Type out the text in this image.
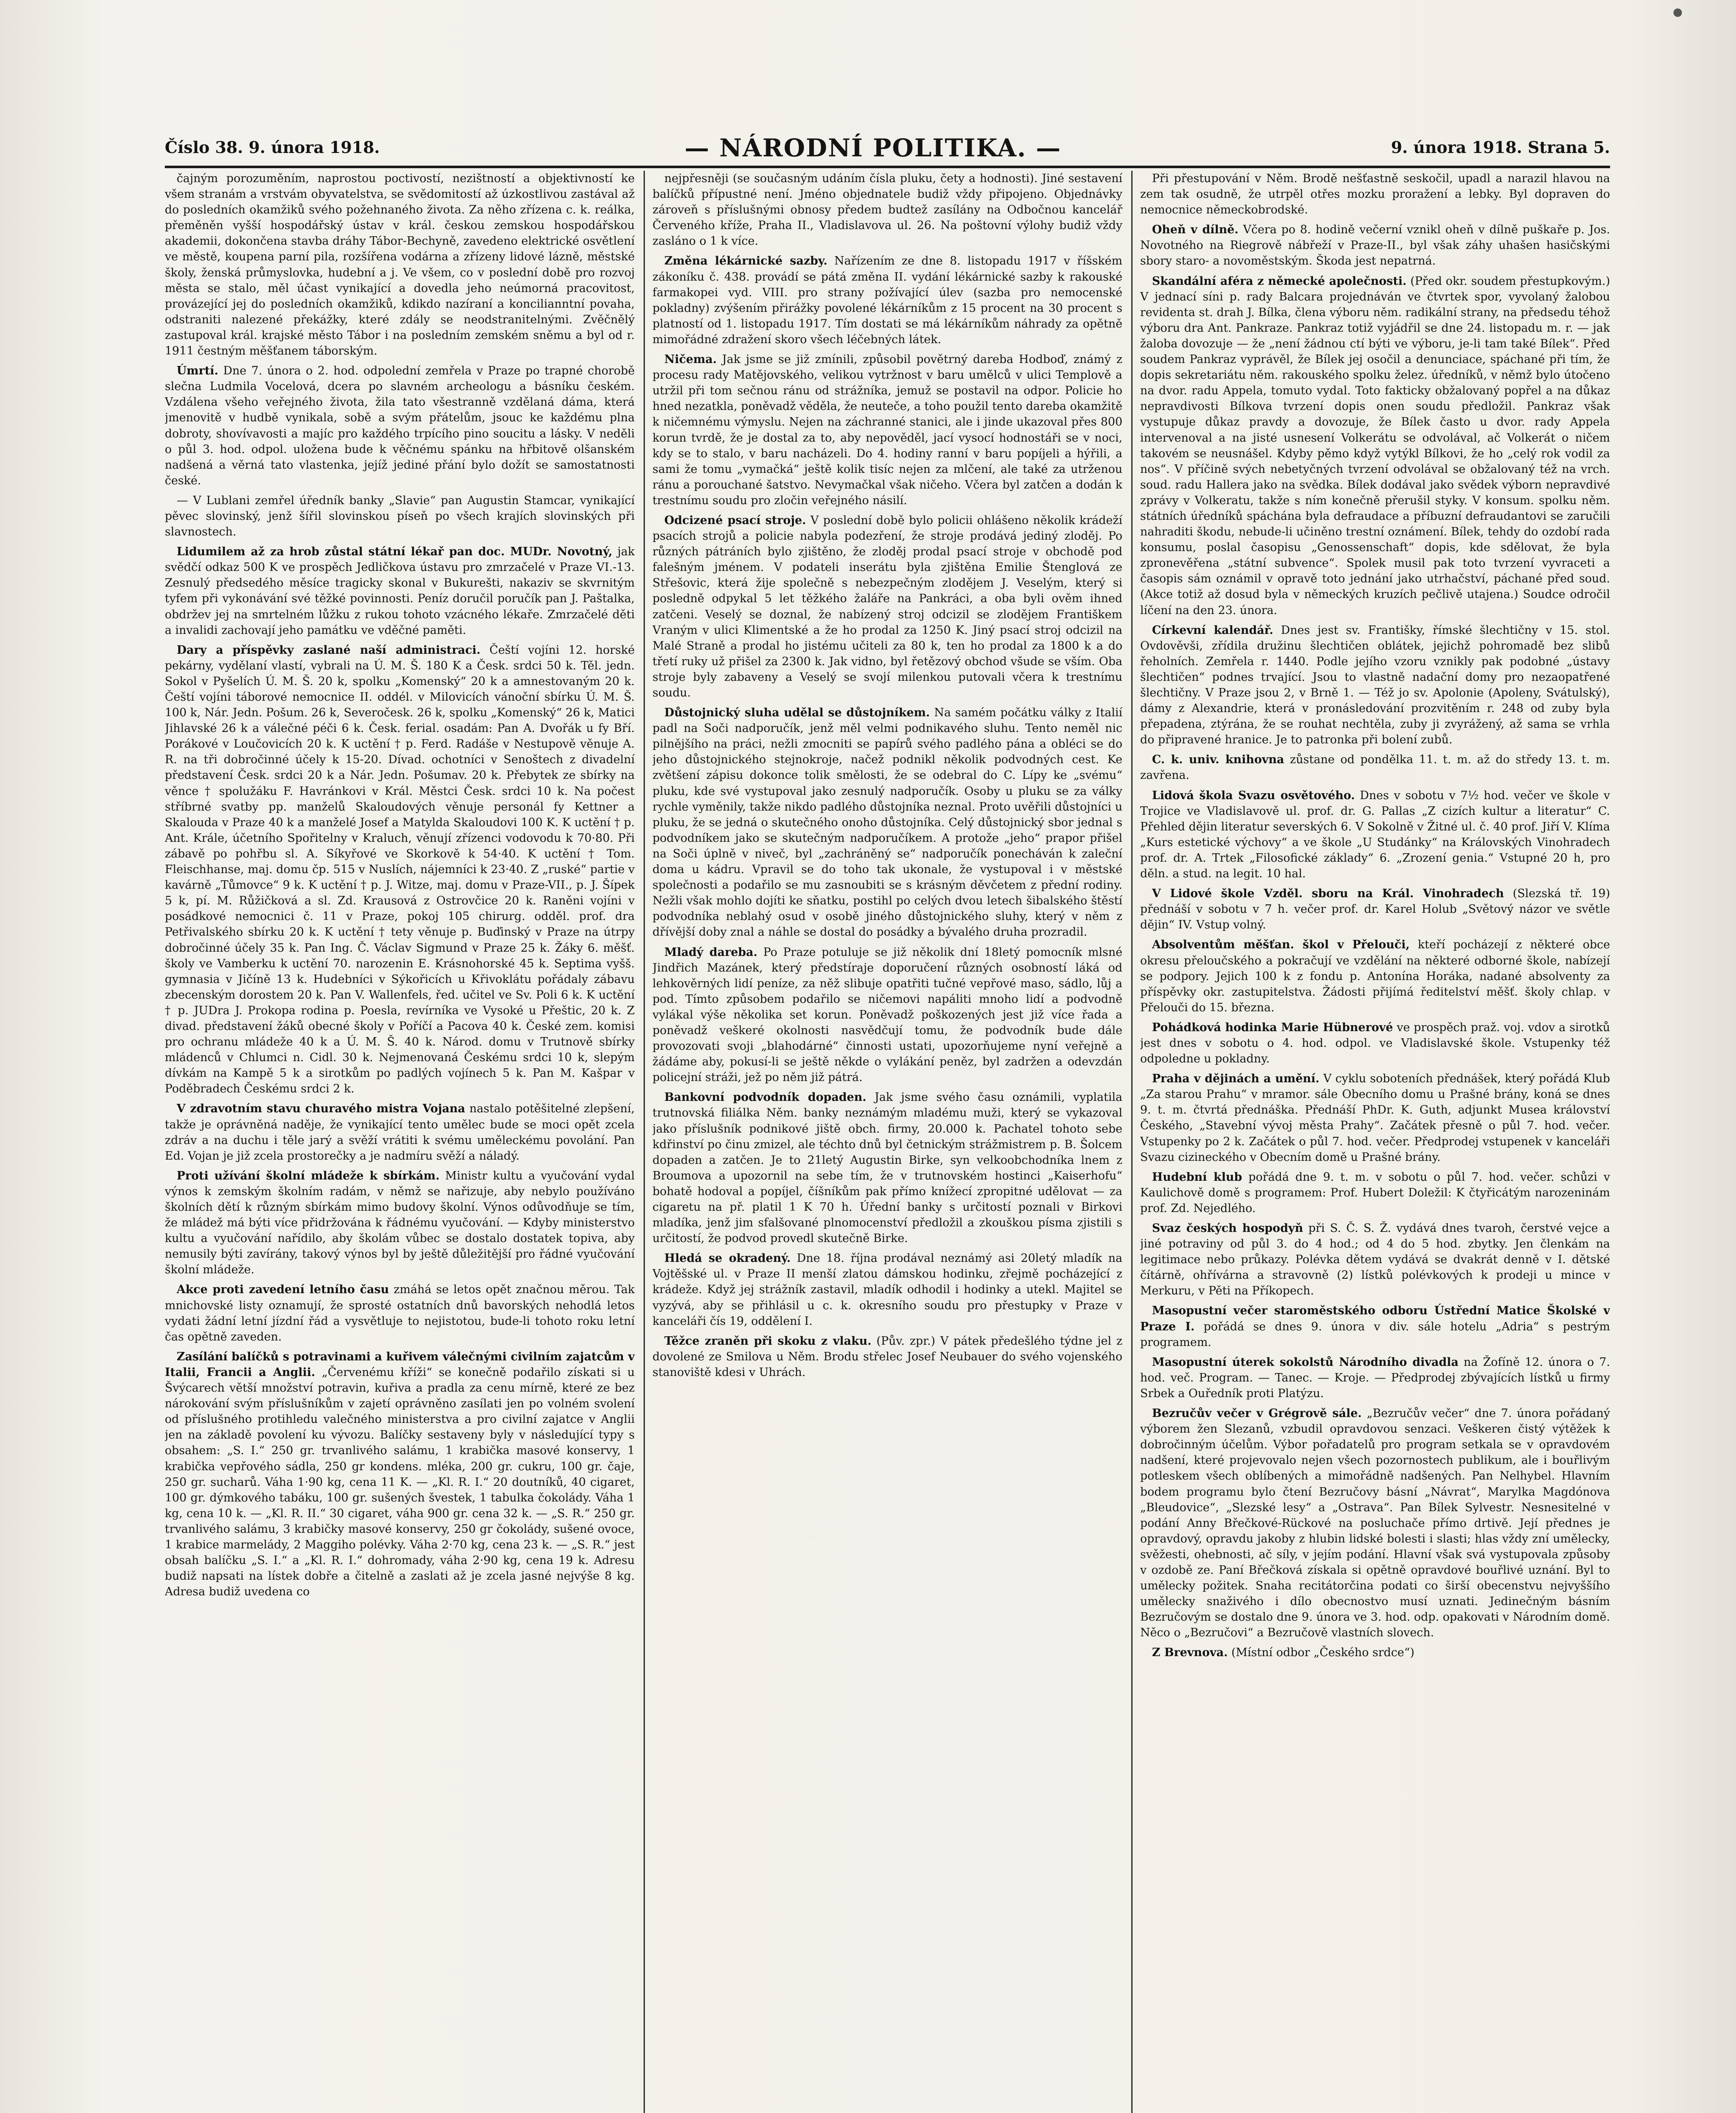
Číslo 38. 9. února 1918.	— NÁRODNÍ POLITIKA. —	9. února 1918. Strana 5.

čajným porozuměním, naprostou poctivostí, nezištností a objektivností ke všem stranám a vrstvám obyvatelstva, se svědomitostí až úzkostlivou zastával až do posledních okamžiků svého požehnaného života. Za něho zřízena c. k. reálka, přeměněn vyšší hospodářský ústav v král. českou zemskou hospodářskou akademii, dokončena stavba dráhy Tábor-Bechyně, zavedeno elektrické osvětlení ve městě, koupena parní pila, rozšířena vodárna a zřízeny lidové lázně, městské školy, ženská průmyslovka, hudební a j. Ve všem, co v poslední době pro rozvoj města se stalo, měl účast vynikající a dovedla jeho neúmorná pracovitost, provázející jej do posledních okamžiků, kdikdo nazíraní a koncilianntní povaha, odstraniti nalezené překážky, které zdály se neodstranitelnými. Zvěčnělý zastupoval král. krajské město Tábor i na posledním zemském sněmu a byl od r. 1911 čestným měšťanem táborským.

Úmrtí. Dne 7. února o 2. hod. odpolední zemřela v Praze po trapné chorobě slečna Ludmila Vocelová, dcera po slavném archeologu a básníku českém. Vzdálena všeho veřejného života, žila tato všestranně vzdělaná dáma, která jmenovitě v hudbě vynikala, sobě a svým přátelům, jsouc ke každému plna dobroty, shovívavosti a majíc pro každého trpícího pino soucitu a lásky. V neděli o půl 3. hod. odpol. uložena bude k věčnému spánku na hřbitově olšanském nadšená a věrná tato vlastenka, jejíž jediné přání bylo dožít se samostatnosti české.

— V Lublani zemřel úředník banky „Slavie“ pan Augustin Stamcar, vynikající pěvec slovinský, jenž šířil slovinskou píseň po všech krajích slovinských při slavnostech.

Lidumilem až za hrob zůstal státní lékař pan doc. MUDr. Novotný, jak svědčí odkaz 500 K ve prospěch Jedličkova ústavu pro zmrzačelé v Praze VI.-13. Zesnulý předsedého měsíce tragicky skonal v Bukurešti, nakaziv se skvrnitým tyfem při vykonávání své těžké povinnosti. Peníz doručil poručík pan J. Paštalka, obdržev jej na smrtelném lůžku z rukou tohoto vzácného lékaře. Zmrzačelé děti a invalidi zachovají jeho památku ve vděčné paměti.

Dary a příspěvky zaslané naší administraci. Čeští vojíni 12. horské pekárny, vydělaní vlastí, vybrali na Ú. M. Š. 180 K a Česk. srdci 50 k. Těl. jedn. Sokol v Pyšelích Ú. M. Š. 20 k, spolku „Komenský“ 20 k a amnestovaným 20 k. Čeští vojíni táborové nemocnice II. oddél. v Milovicích vánoční sbírku Ú. M. Š. 100 k, Nár. Jedn. Pošum. 26 k, Severočesk. 26 k, spolku „Komenský“ 26 k, Matici Jihlavské 26 k a válečné péči 6 k. Česk. ferial. osadám: Pan A. Dvořák u fy Bří. Porákové v Loučovicích 20 k. K uctění † p. Ferd. Radáše v Nestupově věnuje A. R. na tři dobročinné účely k 15-20. Dívad. ochotníci v Senoštech z divadelní představení Česk. srdci 20 k a Nár. Jedn. Pošumav. 20 k. Přebytek ze sbírky na věnce † spolužáku F. Havránkovi v Král. Městci Česk. srdci 10 k. Na počest stříbrné svatby pp. manželů Skaloudových věnuje personál fy Kettner a Skalouda v Praze 40 k a manželé Josef a Matylda Skaloudovi 100 K. K uctění † p. Ant. Krále, účetního Spořitelny v Kraluch, věnují zřízenci vodovodu k 70·80. Při zábavě po pohřbu sl. A. Síkyřové ve Skorkově k 54·40. K uctění † Tom. Fleischhanse, maj. domu čp. 515 v Nuslích, nájemníci k 23·40. Z „ruské“ partie v kavárně „Tůmovce“ 9 k. K uctění † p. J. Witze, maj. domu v Praze-VII., p. J. Šípek 5 k, pí. M. Růžičková a sl. Zd. Krausová z Ostrovčice 20 k. Raněni vojíni v posádkové nemocnici č. 11 v Praze, pokoj 105 chirurg. odděl. prof. dra Petřivalského sbírku 20 k. K uctění † tety věnuje p. Buďinský v Praze na útrpy dobročinné účely 35 k. Pan Ing. Č. Václav Sigmund v Praze 25 k. Žáky 6. měšť. školy ve Vamberku k uctění 70. narozenin E. Krásnohorské 45 k. Septima vyšš. gymnasia v Jičíně 13 k. Hudebníci v Sýkořicích u Křivoklátu pořádaly zábavu zbecenským dorostem 20 k. Pan V. Wallenfels, řed. učitel ve Sv. Poli 6 k. K uctění † p. JUDra J. Prokopa rodina p. Poesla, revírníka ve Vysoké u Přeštic, 20 k. Z divad. představení žáků obecné školy v Poříčí a Pacova 40 k. České zem. komisi pro ochranu mládeže 40 k a Ú. M. Š. 40 k. Národ. domu v Trutnově sbírky mládenců v Chlumci n. Cidl. 30 k. Nejmenovaná Českému srdci 10 k, slepým dívkám na Kampě 5 k a sirotkům po padlých vojínech 5 k. Pan M. Kašpar v Poděbradech Českému srdci 2 k.

V zdravotním stavu churavého mistra Vojana nastalo potěšitelné zlepšení, takže je oprávněná naděje, že vynikající tento umělec bude se moci opět zcela zdráv a na duchu i těle jarý a svěží vrátiti k svému uměleckému povolání. Pan Ed. Vojan je již zcela prostorečky a je nadmíru svěží a náladý.

Proti užívání školní mládeže k sbírkám. Ministr kultu a vyučování vydal výnos k zemským školním radám, v němž se nařizuje, aby nebylo používáno školních dětí k různým sbírkám mimo budovy školní. Výnos odůvodňuje se tím, že mládež má býti více přidržována k řádnému vyučování. — Kdyby ministerstvo kultu a vyučování nařídilo, aby školám vůbec se dostalo dostatek topiva, aby nemusily býti zavírány, takový výnos byl by ještě důležitější pro řádné vyučování školní mládeže.

Akce proti zavedení letního času zmáhá se letos opět značnou měrou. Tak mnichovské listy oznamují, že sprosté ostatních dnů bavorských nehodlá letos vydati žádní letní jízdní řád a vysvětluje to nejistotou, bude-li tohoto roku letní čas opětně zaveden.

Zasílání balíčků s potravinami a kuřivem válečnými civilním zajatcům v Italii, Francii a Anglii. „Červenému kříži“ se konečně podařilo získati si u Švýcarech větší množství potravin, kuřiva a pradla za cenu mírně, které ze bez nárokování svým příslušníkům v zajetí oprávněno zasílati jen po volném svolení od příslušného protihledu valečného ministerstva a pro civilní zajatce v Anglii jen na základě povolení ku vývozu. Balíčky sestaveny byly v následující typy s obsahem: „S. I.“ 250 gr. trvanlivého salámu, 1 krabička masové konservy, 1 krabička vepřového sádla, 250 gr kondens. mléka, 200 gr. cukru, 100 gr. čaje, 250 gr. sucharů. Váha 1·90 kg, cena 11 K. — „Kl. R. I.“ 20 doutníků, 40 cigaret, 100 gr. dýmkového tabáku, 100 gr. sušených švestek, 1 tabulka čokolády. Váha 1 kg, cena 10 k. — „Kl. R. II.“ 30 cigaret, váha 900 gr. cena 32 k. — „S. R.“ 250 gr. trvanlivého salámu, 3 krabičky masové konservy, 250 gr čokolády, sušené ovoce, 1 krabice marmelády, 2 Maggiho polévky. Váha 2·70 kg, cena 23 k. — „S. R.“ jest obsah balíčku „S. I.“ a „Kl. R. I.“ dohromady, váha 2·90 kg, cena 19 k. Adresu budiž napsati na lístek dobře a čitelně a zaslati až je zcela jasné nejvýše 8 kg. Adresa budiž uvedena co

nejpřesněji (se současným udáním čísla pluku, čety a hodnosti). Jiné sestavení balíčků přípustné není. Jméno objednatele budiž vždy připojeno. Objednávky zároveň s příslušnými obnosy předem budtež zasílány na Odbočnou kancelář Červeného kříže, Praha II., Vladislavova ul. 26. Na poštovní výlohy budiž vždy zasláno o 1 k více.

Změna lékárnické sazby. Nařízením ze dne 8. listopadu 1917 v říšském zákoníku č. 438. provádí se pátá změna II. vydání lékárnické sazby k rakouské farmakopei vyd. VIII. pro strany požívající úlev (sazba pro nemocenské pokladny) zvýšením přirážky povolené lékárníkům z 15 procent na 30 procent s platností od 1. listopadu 1917. Tím dostati se má lékárníkům náhrady za opětně mimořádné zdražení skoro všech léčebných látek.

Ničema. Jak jsme se již zmínili, způsobil povětrný dareba Hodboď, známý z procesu rady Matějovského, velikou vytržnost v baru umělců v ulici Templově a utržil při tom sečnou ránu od strážníka, jemuž se postavil na odpor. Policie ho hned nezatkla, poněvadž věděla, že neuteče, a toho použil tento dareba okamžitě k ničemnému výmyslu. Nejen na záchranné stanici, ale i jinde ukazoval přes 800 korun tvrdě, že je dostal za to, aby nepověděl, jací vysocí hodnostáři se v noci, kdy se to stalo, v baru nacházeli. Do 4. hodiny ranní v baru popíjeli a hýřili, a sami že tomu „vymačká“ ještě kolik tisíc nejen za mlčení, ale také za utrženou ránu a porouchané šatstvo. Nevymačkal však ničeho. Včera byl zatčen a dodán k trestnímu soudu pro zločin veřejného násilí.

Odcizené psací stroje. V poslední době bylo policii ohlášeno několik krádeží psacích strojů a policie nabyla podezření, že stroje prodává jediný zloděj. Po různých pátráních bylo zjištěno, že zloděj prodal psací stroje v obchodě pod falešným jménem. V podateli inserátu byla zjištěna Emilie Štenglová ze Střešovic, která žije společně s nebezpečným zlodějem J. Veselým, který si posledně odpykal 5 let těžkého žaláře na Pankráci, a oba byli ověm ihned zatčeni. Veselý se doznal, že nabízený stroj odcizil se zlodějem Františkem Vraným v ulici Klimentské a že ho prodal za 1250 K. Jiný psací stroj odcizil na Malé Straně a prodal ho jistému učiteli za 80 k, ten ho prodal za 1800 k a do třetí ruky už přišel za 2300 k. Jak vidno, byl řetězový obchod všude se vším. Oba stroje byly zabaveny a Veselý se svojí milenkou putovali včera k trestnímu soudu.

Důstojnický sluha udělal se důstojníkem. Na samém počátku války z Italií padl na Soči nadporučík, jenž měl velmi podnikavého sluhu. Tento neměl nic pilnějšího na práci, nežli zmocniti se papírů svého padlého pána a obléci se do jeho důstojnického stejnokroje, načež podnikl několik podvodných cest. Ke zvětšení zápisu dokonce tolik smělosti, že se odebral do C. Lípy ke „svému“ pluku, kde své vystupoval jako zesnulý nadporučík. Osoby u pluku se za války rychle vyměnily, takže nikdo padlého důstojníka neznal. Proto uvěřili důstojníci u pluku, že se jedná o skutečného onoho důstojníka. Celý důstojnický sbor jednal s podvodníkem jako se skutečným nadporučíkem. A protože „jeho“ prapor přišel na Soči úplně v niveč, byl „zachráněný se“ nadporučík ponecháván k zaleční doma u kádru. Vpravil se do toho tak ukonale, že vystupoval i v městské společnosti a podařilo se mu zasnoubiti se s krásným děvčetem z přední rodiny. Nežli však mohlo dojíti ke sňatku, postihl po celých dvou letech šibalského štěstí podvodníka neblahý osud v osobě jiného důstojnického sluhy, který v něm z dřívější doby znal a náhle se dostal do posádky a bývalého druha prozradil.

Mladý dareba. Po Praze potuluje se již několik dní 18letý pomocník mlsné Jindřich Mazánek, který předstíraje doporučení různých osobností láká od lehkověrných lidí peníze, za něž slibuje opatřiti tučné vepřové maso, sádlo, lůj a pod. Tímto způsobem podařilo se ničemovi napáliti mnoho lidí a podvodně vylákal výše několika set korun. Poněvadž poškozených jest již více řada a poněvadž veškeré okolnosti nasvědčují tomu, že podvodník bude dále provozovati svoji „blahodárné“ činnosti ustati, upozorňujeme nyní veřejně a žádáme aby, pokusí-li se ještě někde o vylákání peněz, byl zadržen a odevzdán policejní stráži, jež po něm již pátrá.

Bankovní podvodník dopaden. Jak jsme svého času oznámili, vyplatila trutnovská filiálka Něm. banky neznámým mladému muži, který se vykazoval jako příslušník podnikové jiště obch. firmy, 20.000 k. Pachatel tohoto sebe kdřinství po činu zmizel, ale téchto dnů byl četnickým strážmistrem p. B. Šolcem dopaden a zatčen. Je to 21letý Augustin Birke, syn velkoobchodníka lnem z Broumova a upozornil na sebe tím, že v trutnovském hostinci „Kaiserhofu“ bohatě hodoval a popíjel, číšníkům pak přímo knížecí zpropitné udělovat — za cigaretu na př. platil 1 K 70 h. Úřední banky s určitostí poznali v Birkovi mladíka, jenž jim sfalšované plnomocenství předložil a zkouškou písma zjistili s určitostí, že podvod provedl skutečně Birke.

Hledá se okradený. Dne 18. října prodával neznámý asi 20letý mladík na Vojtěšské ul. v Praze II menší zlatou dámskou hodinku, zřejmě pocházející z krádeže. Když jej strážník zastavil, mladík odhodil i hodinky a utekl. Majitel se vyzývá, aby se přihlásil u c. k. okresního soudu pro přestupky v Praze v kanceláři čís 19, oddělení I.

Těžce zraněn při skoku z vlaku. (Pův. zpr.) V pátek předešlého týdne jel z dovolené ze Smilova u Něm. Brodu střelec Josef Neubauer do svého vojenského stanoviště kdesi v Uhrách.

Při přestupování v Něm. Brodě nešťastně seskočil, upadl a narazil hlavou na zem tak osudně, že utrpěl otřes mozku proražení a lebky. Byl dopraven do nemocnice německobrodské.

Oheň v dílně. Včera po 8. hodině večerní vznikl oheň v dílně puškaře p. Jos. Novotného na Riegrově nábřeží v Praze-II., byl však záhy uhašen hasičskými sbory staro- a novoměstským. Škoda jest nepatrná.

Skandální aféra z německé apolečnosti. (Před okr. soudem přestupkovým.) V jednací síni p. rady Balcara projednáván ve čtvrtek spor, vyvolaný žalobou revidenta st. drah J. Bílka, člena výboru něm. radikální strany, na předsedu téhož výboru dra Ant. Pankraze. Pankraz totiž vyjádřil se dne 24. listopadu m. r. — jak žaloba dovozuje — že „není žádnou ctí býti ve výboru, je-li tam také Bílek“. Před soudem Pankraz vyprávěl, že Bílek jej osočil a denunciace, spáchané při tím, že dopis sekretariátu něm. rakouského spolku želez. úředníků, v němž bylo útočeno na dvor. radu Appela, tomuto vydal. Toto fakticky obžalovaný popřel a na důkaz nepravdivosti Bílkova tvrzení dopis onen soudu předložil. Pankraz však vystupuje důkaz pravdy a dovozuje, že Bílek často u dvor. rady Appela intervenoval a na jisté usnesení Volkerátu se odvolával, ač Volkerát o ničem takovém se neusnášel. Kdyby pěmo když vytýkl Bílkovi, že ho „celý rok vodil za nos“. V příčině svých nebetyčných tvrzení odvolával se obžalovaný též na vrch. soud. radu Hallera jako na svědka. Bílek dodával jako svědek výborn nepravdivé zprávy v Volkeratu, takže s ním konečně přerušil styky. V konsum. spolku něm. státních úředníků spáchána byla defraudace a příbuzní defraudantovi se zaručili nahraditi škodu, nebude-li učiněno trestní oznámení. Bílek, tehdy do ozdobí rada konsumu, poslal časopisu „Genossenschaft“ dopis, kde sdělovat, že byla zpronevěřena „státní subvence“. Spolek musil pak toto tvrzení vyvraceti a časopis sám oznámil v opravě toto jednání jako utrhačství, páchané před soud. (Akce totiž až dosud byla v německých kruzích pečlivě utajena.) Soudce odročil líčení na den 23. února.

Církevní kalendář. Dnes jest sv. Františky, římské šlechtičny v 15. stol. Ovdověvši, zřídila družinu šlechtičen oblátek, jejichž pohromadě bez slibů řeholních. Zemřela r. 1440. Podle jejího vzoru vznikly pak podobné „ústavy šlechtičen“ podnes trvající. Jsou to vlastně nadační domy pro nezaopatřené šlechtičny. V Praze jsou 2, v Brně 1. — Též jo sv. Apolonie (Apoleny, Svátulský), dámy z Alexandrie, která v pronásledování prozvitěním r. 248 od zuby byla přepadena, ztýrána, že se rouhat nechtěla, zuby ji zvyrážený, až sama se vrhla do připravené hranice. Je to patronka při bolení zubů.

C. k. univ. knihovna zůstane od pondělka 11. t. m. až do středy 13. t. m. zavřena.

Lidová škola Svazu osvětového. Dnes v sobotu v 7½ hod. večer ve škole v Trojice ve Vladislavově ul. prof. dr. G. Pallas „Z cizích kultur a literatur“ C. Přehled dějin literatur severských 6. V Sokolně v Žitné ul. č. 40 prof. Jiří V. Klíma „Kurs estetické výchovy“ a ve škole „U Studánky“ na Královských Vinohradech prof. dr. A. Trtek „Filosofické základy“ 6. „Zrození genia.“ Vstupné 20 h, pro děln. a stud. na legit. 10 hal.

V Lidové škole Vzděl. sboru na Král. Vinohradech (Slezská tř. 19) přednáší v sobotu v 7 h. večer prof. dr. Karel Holub „Světový názor ve světle dějin“ IV. Vstup volný.

Absolventům měšťan. škol v Přelouči, kteří pocházejí z některé obce okresu přeloučského a pokračují ve vzdělání na některé odborné škole, nabízejí se podpory. Jejich 100 k z fondu p. Antonína Horáka, nadané absolventy za příspěvky okr. zastupitelstva. Žádosti přijímá ředitelství měšť. školy chlap. v Přelouči do 15. března.

Pohádková hodinka Marie Hübnerové ve prospěch praž. voj. vdov a sirotků jest dnes v sobotu o 4. hod. odpol. ve Vladislavské škole. Vstupenky též odpoledne u pokladny.

Praha v dějinách a umění. V cyklu soboteních přednášek, který pořádá Klub „Za starou Prahu“ v mramor. sále Obecního domu u Prašné brány, koná se dnes 9. t. m. čtvrtá přednáška. Přednáší PhDr. K. Guth, adjunkt Musea království Českého, „Stavební vývoj města Prahy“. Začátek přesně o půl 7. hod. večer. Vstupenky po 2 k. Začátek o půl 7. hod. večer. Předprodej vstupenek v kanceláři Svazu cizineckého v Obecním domě u Prašné brány.

Hudební klub pořádá dne 9. t. m. v sobotu o půl 7. hod. večer. schůzi v Kaulichově domě s programem: Prof. Hubert Doležil: K čtyřicátým narozeninám prof. Zd. Nejedlého.

Svaz českých hospodyň při S. Č. S. Ž. vydává dnes tvaroh, čerstvé vejce a jiné potraviny od půl 3. do 4 hod.; od 4 do 5 hod. zbytky. Jen členkám na legitimace nebo průkazy. Polévka dětem vydává se dvakrát denně v I. dětské čítárně, ohřívárna a stravovně (2) lístků polévkových k prodeji u mince v Merkuru, v Pěti na Příkopech.

Masopustní večer staroměstského odboru Ústřední Matice Školské v Praze I. pořádá se dnes 9. února v div. sále hotelu „Adria“ s pestrým programem.

Masopustní úterek sokolstů Národního divadla na Žofíně 12. února o 7. hod. več. Program. — Tanec. — Kroje. — Předprodej zbývajících lístků u firmy Srbek a Ouředník proti Platýzu.

Bezručův večer v Grégrově sále. „Bezručův večer“ dne 7. února pořádaný výborem žen Slezanů, vzbudil opravdovou senzaci. Veškeren čistý výtěžek k dobročinným účelům. Výbor pořadatelů pro program setkala se v opravdovém nadšení, které projevovalo nejen všech pozornostech publikum, ale i bouřlivým potleskem všech oblíbených a mimořádně nadšených. Pan Nelhybel. Hlavním bodem programu bylo čtení Bezručovy básní „Návrat“, Marylka Magdónova „Bleudovice“, „Slezské lesy“ a „Ostrava“. Pan Bílek Sylvestr. Nesnesitelné v podání Anny Břečkové-Rückové na posluchače přímo drtivě. Její přednes je opravdový, opravdu jakoby z hlubin lidské bolesti i slasti; hlas vždy zní umělecky, svěžesti, ohebnosti, ač síly, v jejím podání. Hlavní však svá vystupovala způsoby v ozdobě ze. Paní Břečková získala si opětně opravdové bouřlivé uznání. Byl to umělecky požitek. Snaha recitátorčina podati co širší obecenstvu nejvyššího umělecky snaživého i dílo obecnostvo musí uznati. Jedinečným básním Bezručovým se dostalo dne 9. února ve 3. hod. odp. opakovati v Národním domě. Něco o „Bezručovi“ a Bezručově vlastních slovech.

Z Brevnova. (Místní odbor „Českého srdce“)
